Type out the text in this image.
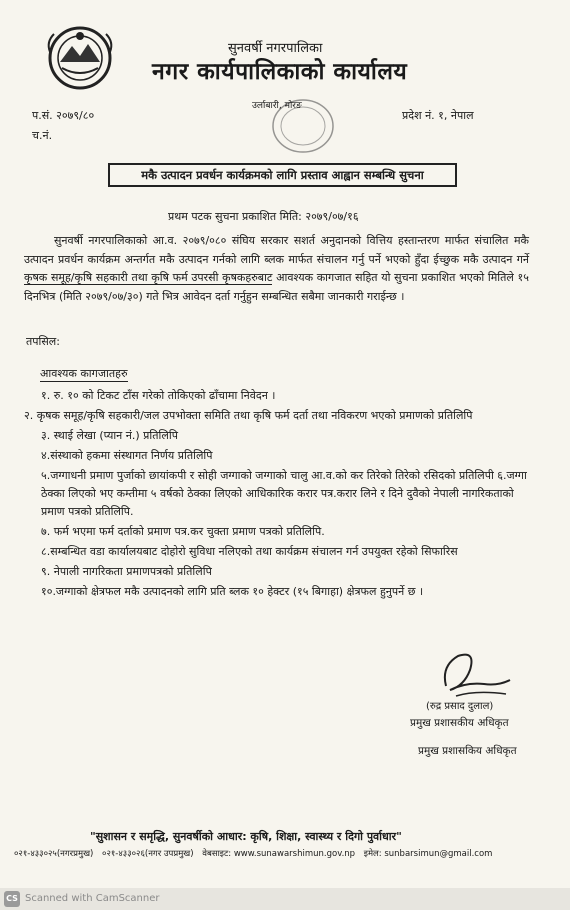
सुनवर्षी नगरपालिका
नगर कार्यपालिकाको कार्यालय
उर्लाबारी, मोरङ
प.सं. २०७९/८०
च.नं.
प्रदेश नं. १, नेपाल
मकै उत्पादन प्रवर्धन कार्यक्रमको लागि प्रस्ताव आह्वान सम्बन्धि सुचना
प्रथम पटक सुचना प्रकाशित मिति: २०७९/०७/१६

सुनवर्षी नगरपालिकाको आ.व. २०७९/०८० संघिय सरकार सशर्त अनुदानको वित्तिय हस्तान्तरण मार्फत संचालित मकै उत्पादन प्रवर्धन कार्यक्रम अन्तर्गत मकै उत्पादन गर्नको लागि ब्लक मार्फत संचालन गर्नु पर्ने भएको हुँदा ईच्छुक मकै उत्पादन गर्ने कृषक समूह/कृषि सहकारी तथा कृषि फर्म उपरसी कृषकहरुबाट आवश्यक कागजात सहित यो सुचना प्रकाशित भएको मितिले १५ दिनभित्र (मिति २०७९/०७/३०) गते भित्र आवेदन दर्ता गर्नुहुन सम्बन्धित सबैमा जानकारी गराईन्छ ।

तपसिल:
आवश्यक कागजातहरु
१. रु. १० को टिकट टाँस गरेको तोकिएको ढाँचामा निवेदन ।
२. कृषक समूह/कृषि सहकारी/जल उपभोक्ता समिति तथा कृषि फर्म दर्ता तथा नविकरण भएको प्रमाणको प्रतिलिपि
३. स्थाई लेखा (प्यान नं.) प्रतिलिपि
४.संस्थाको हकमा संस्थागत निर्णय प्रतिलिपि
५.जग्गाधनी प्रमाण पुर्जाको छायांकपी र सोही जग्गाको जग्गाको चालु आ.व.को कर तिरेको तिरेको रसिदको प्रतिलिपी ६.जग्गा ठेक्का लिएको भए कम्तीमा ५ वर्षको ठेक्का लिएको आधिकारिक करार पत्र.करार लिने र दिने दुवैको नेपाली नागरिकताको प्रमाण पत्रको प्रतिलिपि.
७. फर्म भएमा फर्म दर्ताको प्रमाण पत्र.कर चुक्ता प्रमाण पत्रको प्रतिलिपि.
८.सम्बन्धित वडा कार्यालयबाट दोहोरो सुविधा नलिएको तथा कार्यक्रम संचालन गर्न उपयुक्त रहेको सिफारिस
९. नेपाली नागरिकता प्रमाणपत्रको प्रतिलिपि
१०.जग्गाको क्षेत्रफल मकै उत्पादनको लागि प्रति ब्लक १० हेक्टर (१५ बिगाहा) क्षेत्रफल हुनुपर्ने छ ।
(रुद्र प्रसाद दुलाल)
प्रमुख प्रशासकीय अधिकृत
प्रमुख प्रशासकिय अधिकृत
"सुशासन र समृद्धि, सुनवर्षीको आधार: कृषि, शिक्षा, स्वास्थ्य र दिगो पुर्वाधार"
०२१-४३३०२५(नगरप्रमुख) ०२१-४३३०२६(नगर उपप्रमुख) वेबसाइट: www.sunawarshimun.gov.np इमेल: sunbarsimun@gmail.com
CS Scanned with CamScanner
